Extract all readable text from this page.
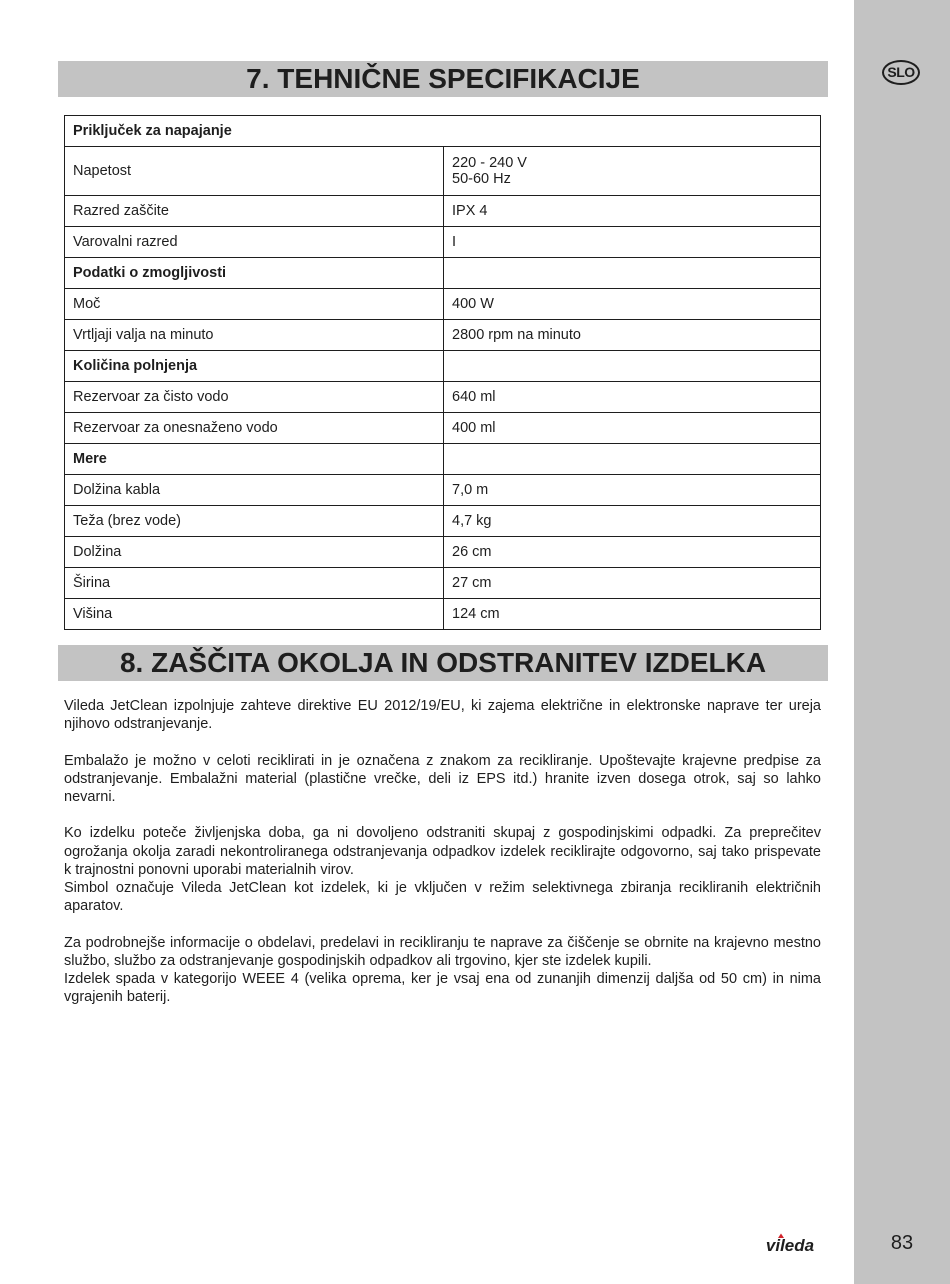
SLO
83
7. TEHNIČNE SPECIFIKACIJE
Priključek za napajanje	
Napetost	220 - 240 V
50-60 Hz
Razred zaščite	IPX 4
Varovalni razred	I
Podatki o zmogljivosti	
Moč	400 W
Vrtljaji valja na minuto	2800 rpm na minuto
Količina polnjenja	
Rezervoar za čisto vodo	640 ml
Rezervoar za onesnaženo vodo	400 ml
Mere	
Dolžina kabla	7,0 m
Teža (brez vode)	4,7 kg
Dolžina	26 cm
Širina	27 cm
Višina	124 cm
8. ZAŠČITA OKOLJA IN ODSTRANITEV IZDELKA

Vileda JetClean izpolnjuje zahteve direktive EU 2012/19/EU, ki zajema električne in elektronske naprave ter ureja njihovo odstranjevanje.

Embalažo je možno v celoti reciklirati in je označena z znakom za recikliranje. Upoštevajte krajevne predpise za odstranjevanje. Embalažni material (plastične vrečke, deli iz EPS itd.) hranite izven dosega otrok, saj so lahko nevarni.

Ko izdelku poteče življenjska doba, ga ni dovoljeno odstraniti skupaj z gospodinjskimi odpadki. Za preprečitev ogrožanja okolja zaradi nekontroliranega odstranjevanja odpadkov izdelek reciklirajte odgovorno, saj tako prispevate k trajnostni ponovni uporabi materialnih virov.
Simbol označuje Vileda JetClean kot izdelek, ki je vključen v režim selektivnega zbiranja recikliranih električnih aparatov.

Za podrobnejše informacije o obdelavi, predelavi in recikliranju te naprave za čiščenje se obrnite na krajevno mestno službo, službo za odstranjevanje gospodinjskih odpadkov ali trgovino, kjer ste izdelek kupili.
Izdelek spada v kategorijo WEEE 4 (velika oprema, ker je vsaj ena od zunanjih dimenzij daljša od 50 cm) in nima vgrajenih baterij.

vileda
